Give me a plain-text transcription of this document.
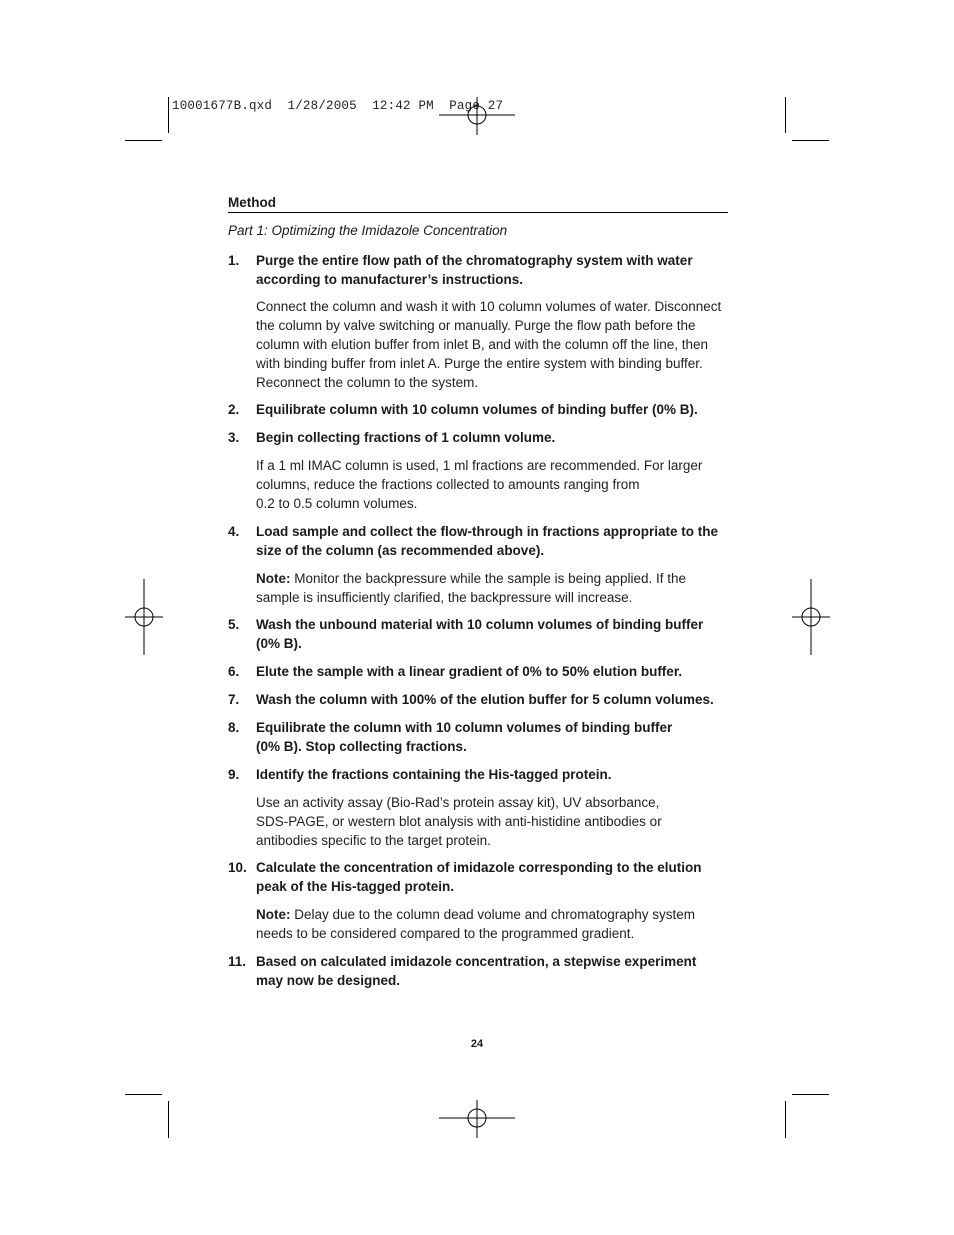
10001677B.qxd  1/28/2005  12:42 PM  Page 27
Method
Part 1: Optimizing the Imidazole Concentration
1. Purge the entire flow path of the chromatography system with water according to manufacturer’s instructions.
Connect the column and wash it with 10 column volumes of water. Disconnect the column by valve switching or manually. Purge the flow path before the column with elution buffer from inlet B, and with the column off the line, then with binding buffer from inlet A. Purge the entire system with binding buffer. Reconnect the column to the system.
2. Equilibrate column with 10 column volumes of binding buffer (0% B).
3. Begin collecting fractions of 1 column volume.
If a 1 ml IMAC column is used, 1 ml fractions are recommended. For larger columns, reduce the fractions collected to amounts ranging from
0.2 to 0.5 column volumes.
4. Load sample and collect the flow-through in fractions appropriate to the size of the column (as recommended above).
Note: Monitor the backpressure while the sample is being applied. If the sample is insufficiently clarified, the backpressure will increase.
5. Wash the unbound material with 10 column volumes of binding buffer (0% B).
6. Elute the sample with a linear gradient of 0% to 50% elution buffer.
7. Wash the column with 100% of the elution buffer for 5 column volumes.
8. Equilibrate the column with 10 column volumes of binding buffer (0% B). Stop collecting fractions.
9. Identify the fractions containing the His-tagged protein.
Use an activity assay (Bio-Rad’s protein assay kit), UV absorbance, SDS-PAGE, or western blot analysis with anti-histidine antibodies or antibodies specific to the target protein.
10. Calculate the concentration of imidazole corresponding to the elution peak of the His-tagged protein.
Note: Delay due to the column dead volume and chromatography system needs to be considered compared to the programmed gradient.
11. Based on calculated imidazole concentration, a stepwise experiment may now be designed.
24
